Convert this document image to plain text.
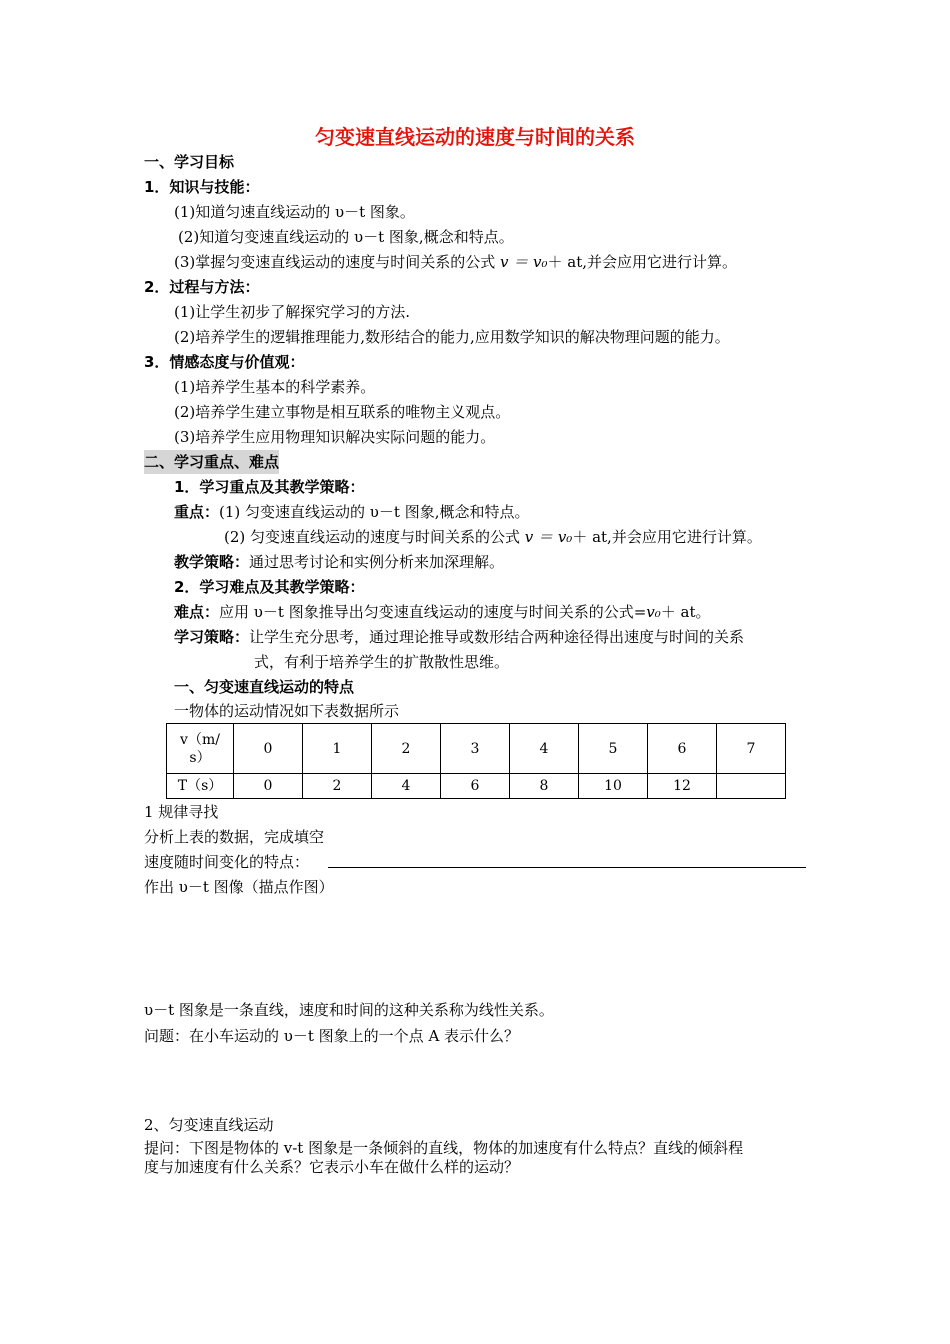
匀变速直线运动的速度与时间的关系
一、学习目标
1．知识与技能：
(1)知道匀速直线运动的 υ－t 图象。
(2)知道匀变速直线运动的 υ－t 图象,概念和特点。
(3)掌握匀变速直线运动的速度与时间关系的公式 v ＝ v₀＋ at,并会应用它进行计算。
2．过程与方法：
(1)让学生初步了解探究学习的方法.
(2)培养学生的逻辑推理能力,数形结合的能力,应用数学知识的解决物理问题的能力。
3．情感态度与价值观：
(1)培养学生基本的科学素养。
(2)培养学生建立事物是相互联系的唯物主义观点。
(3)培养学生应用物理知识解决实际问题的能力。
二、学习重点、难点
1．学习重点及其教学策略：
重点：(1) 匀变速直线运动的 υ－t 图象,概念和特点。
(2) 匀变速直线运动的速度与时间关系的公式 v ＝ v₀＋ at,并会应用它进行计算。
教学策略：通过思考讨论和实例分析来加深理解。
2．学习难点及其教学策略：
难点：应用 υ－t 图象推导出匀变速直线运动的速度与时间关系的公式=v₀＋ at。
学习策略：让学生充分思考，通过理论推导或数形结合两种途径得出速度与时间的关系
式，有利于培养学生的扩散散性思维。
一、匀变速直线运动的特点
一物体的运动情况如下表数据所示
v（m/
s）	0	1	2	3	4	5	6	7
T（s）	0	2	4	6	8	10	12	
1 规律寻找
分析上表的数据，完成填空
速度随时间变化的特点：
作出 υ－t 图像（描点作图）
υ－t 图象是一条直线，速度和时间的这种关系称为线性关系。
问题：在小车运动的 υ－t 图象上的一个点 A 表示什么？
2、匀变速直线运动
提问：下图是物体的 v-t 图象是一条倾斜的直线，物体的加速度有什么特点？直线的倾斜程
度与加速度有什么关系？它表示小车在做什么样的运动？
